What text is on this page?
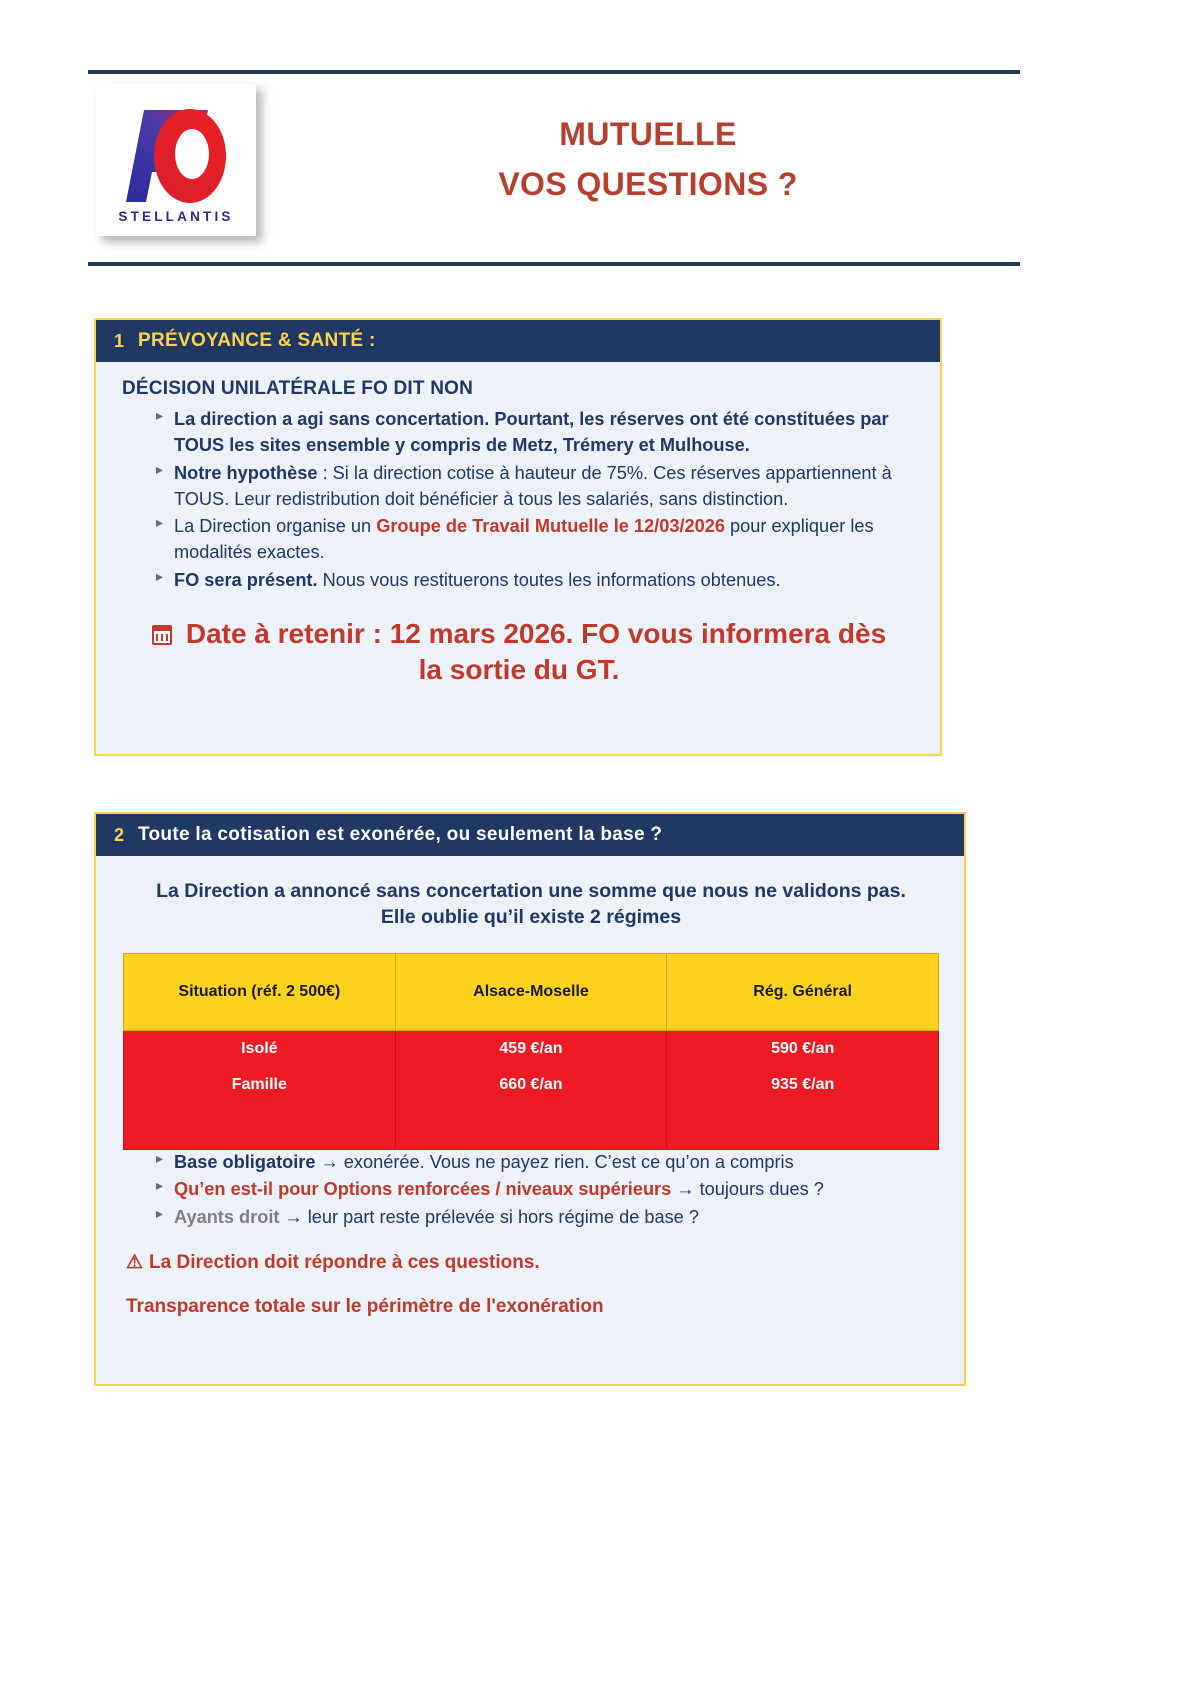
STELLANTIS
MUTUELLE
VOS QUESTIONS ?
1 PRÉVOYANCE & SANTÉ :
DÉCISION UNILATÉRALE FO DIT NON
▸ La direction a agi sans concertation. Pourtant, les réserves ont été constituées par TOUS les sites ensemble y compris de Metz, Trémery et Mulhouse.
▸ Notre hypothèse : Si la direction cotise à hauteur de 75%. Ces réserves appartiennent à TOUS. Leur redistribution doit bénéficier à tous les salariés, sans distinction.
▸ La Direction organise un Groupe de Travail Mutuelle le 12/03/2026 pour expliquer les modalités exactes.
▸ FO sera présent. Nous vous restituerons toutes les informations obtenues.
Date à retenir : 12 mars 2026. FO vous informera dès la sortie du GT.
2 Toute la cotisation est exonérée, ou seulement la base ?
La Direction a annoncé sans concertation une somme que nous ne validons pas. Elle oublie qu’il existe 2 régimes
Situation (réf. 2 500€)	Alsace-Moselle	Rég. Général
Isolé	459 €/an	590 €/an
Famille	660 €/an	935 €/an

▸ Base obligatoire → exonérée. Vous ne payez rien. C’est ce qu’on a compris
▸ Qu’en est-il pour Options renforcées / niveaux supérieurs → toujours dues ?
▸ Ayants droit → leur part reste prélevée si hors régime de base ?
⚠ La Direction doit répondre à ces questions.
Transparence totale sur le périmètre de l'exonération
